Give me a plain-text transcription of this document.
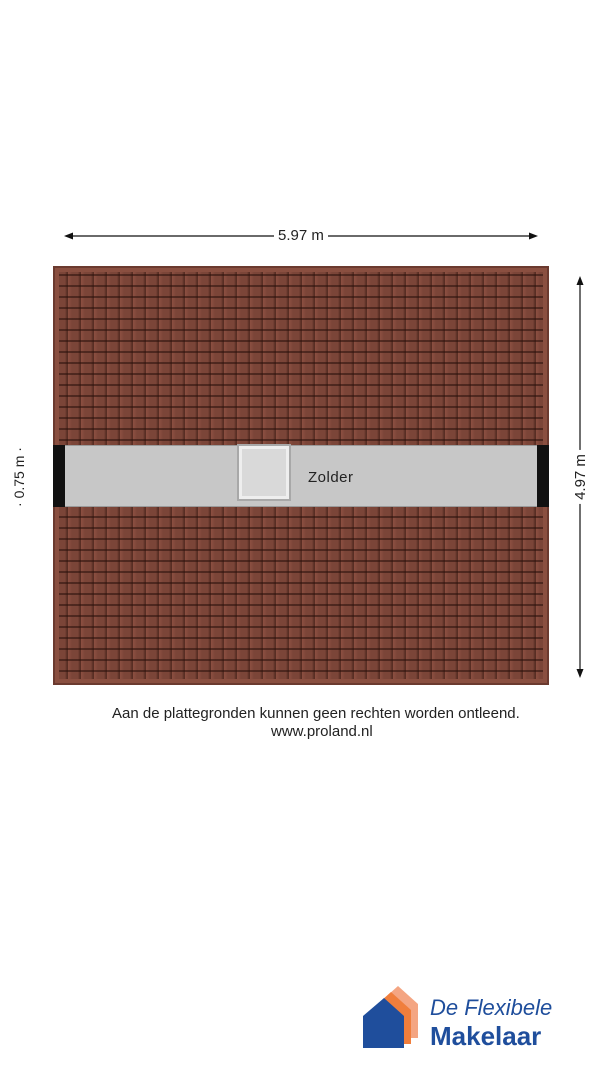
5.97 m
4.97 m
· 0.75 m ·	Zolder
Aan de plattegronden kunnen geen rechten worden ontleend.
www.proland.nl
De Flexibele
Makelaar
